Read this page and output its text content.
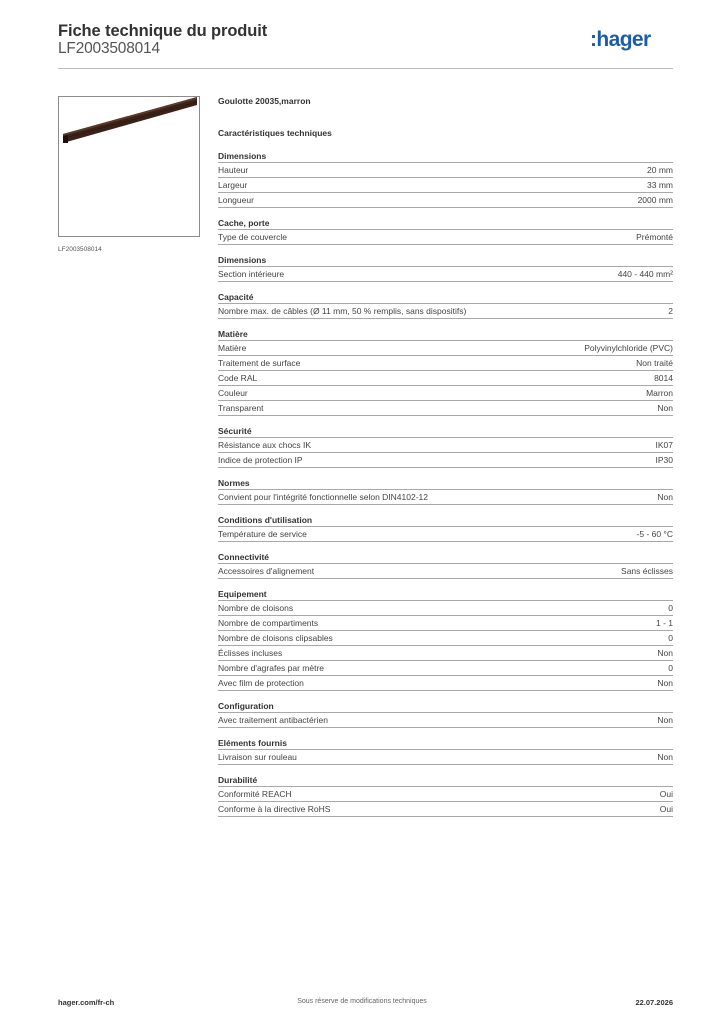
Fiche technique du produit
LF2003508014	:hager
LF2003508014
Goulotte 20035,marron
Caractéristiques techniques
Dimensions
Hauteur	20 mm
Largeur	33 mm
Longueur	2000 mm
Cache, porte
Type de couvercle	Prémonté
Dimensions
Section intérieure	440 - 440 mm²
Capacité
Nombre max. de câbles (Ø 11 mm, 50 % remplis, sans dispositifs)	2
Matière
Matière	Polyvinylchloride (PVC)
Traitement de surface	Non traité
Code RAL	8014
Couleur	Marron
Transparent	Non
Sécurité
Résistance aux chocs IK	IK07
Indice de protection IP	IP30
Normes
Convient pour l'intégrité fonctionnelle selon DIN4102-12	Non
Conditions d'utilisation
Température de service	-5 - 60 °C
Connectivité
Accessoires d'alignement	Sans éclisses
Equipement
Nombre de cloisons	0
Nombre de compartiments	1 - 1
Nombre de cloisons clipsables	0
Éclisses incluses	Non
Nombre d'agrafes par mètre	0
Avec film de protection	Non
Configuration
Avec traitement antibactérien	Non
Eléments fournis
Livraison sur rouleau	Non
Durabilité
Conformité REACH	Oui
Conforme à la directive RoHS	Oui
hager.com/fr-ch	Sous réserve de modifications techniques	22.07.2026
